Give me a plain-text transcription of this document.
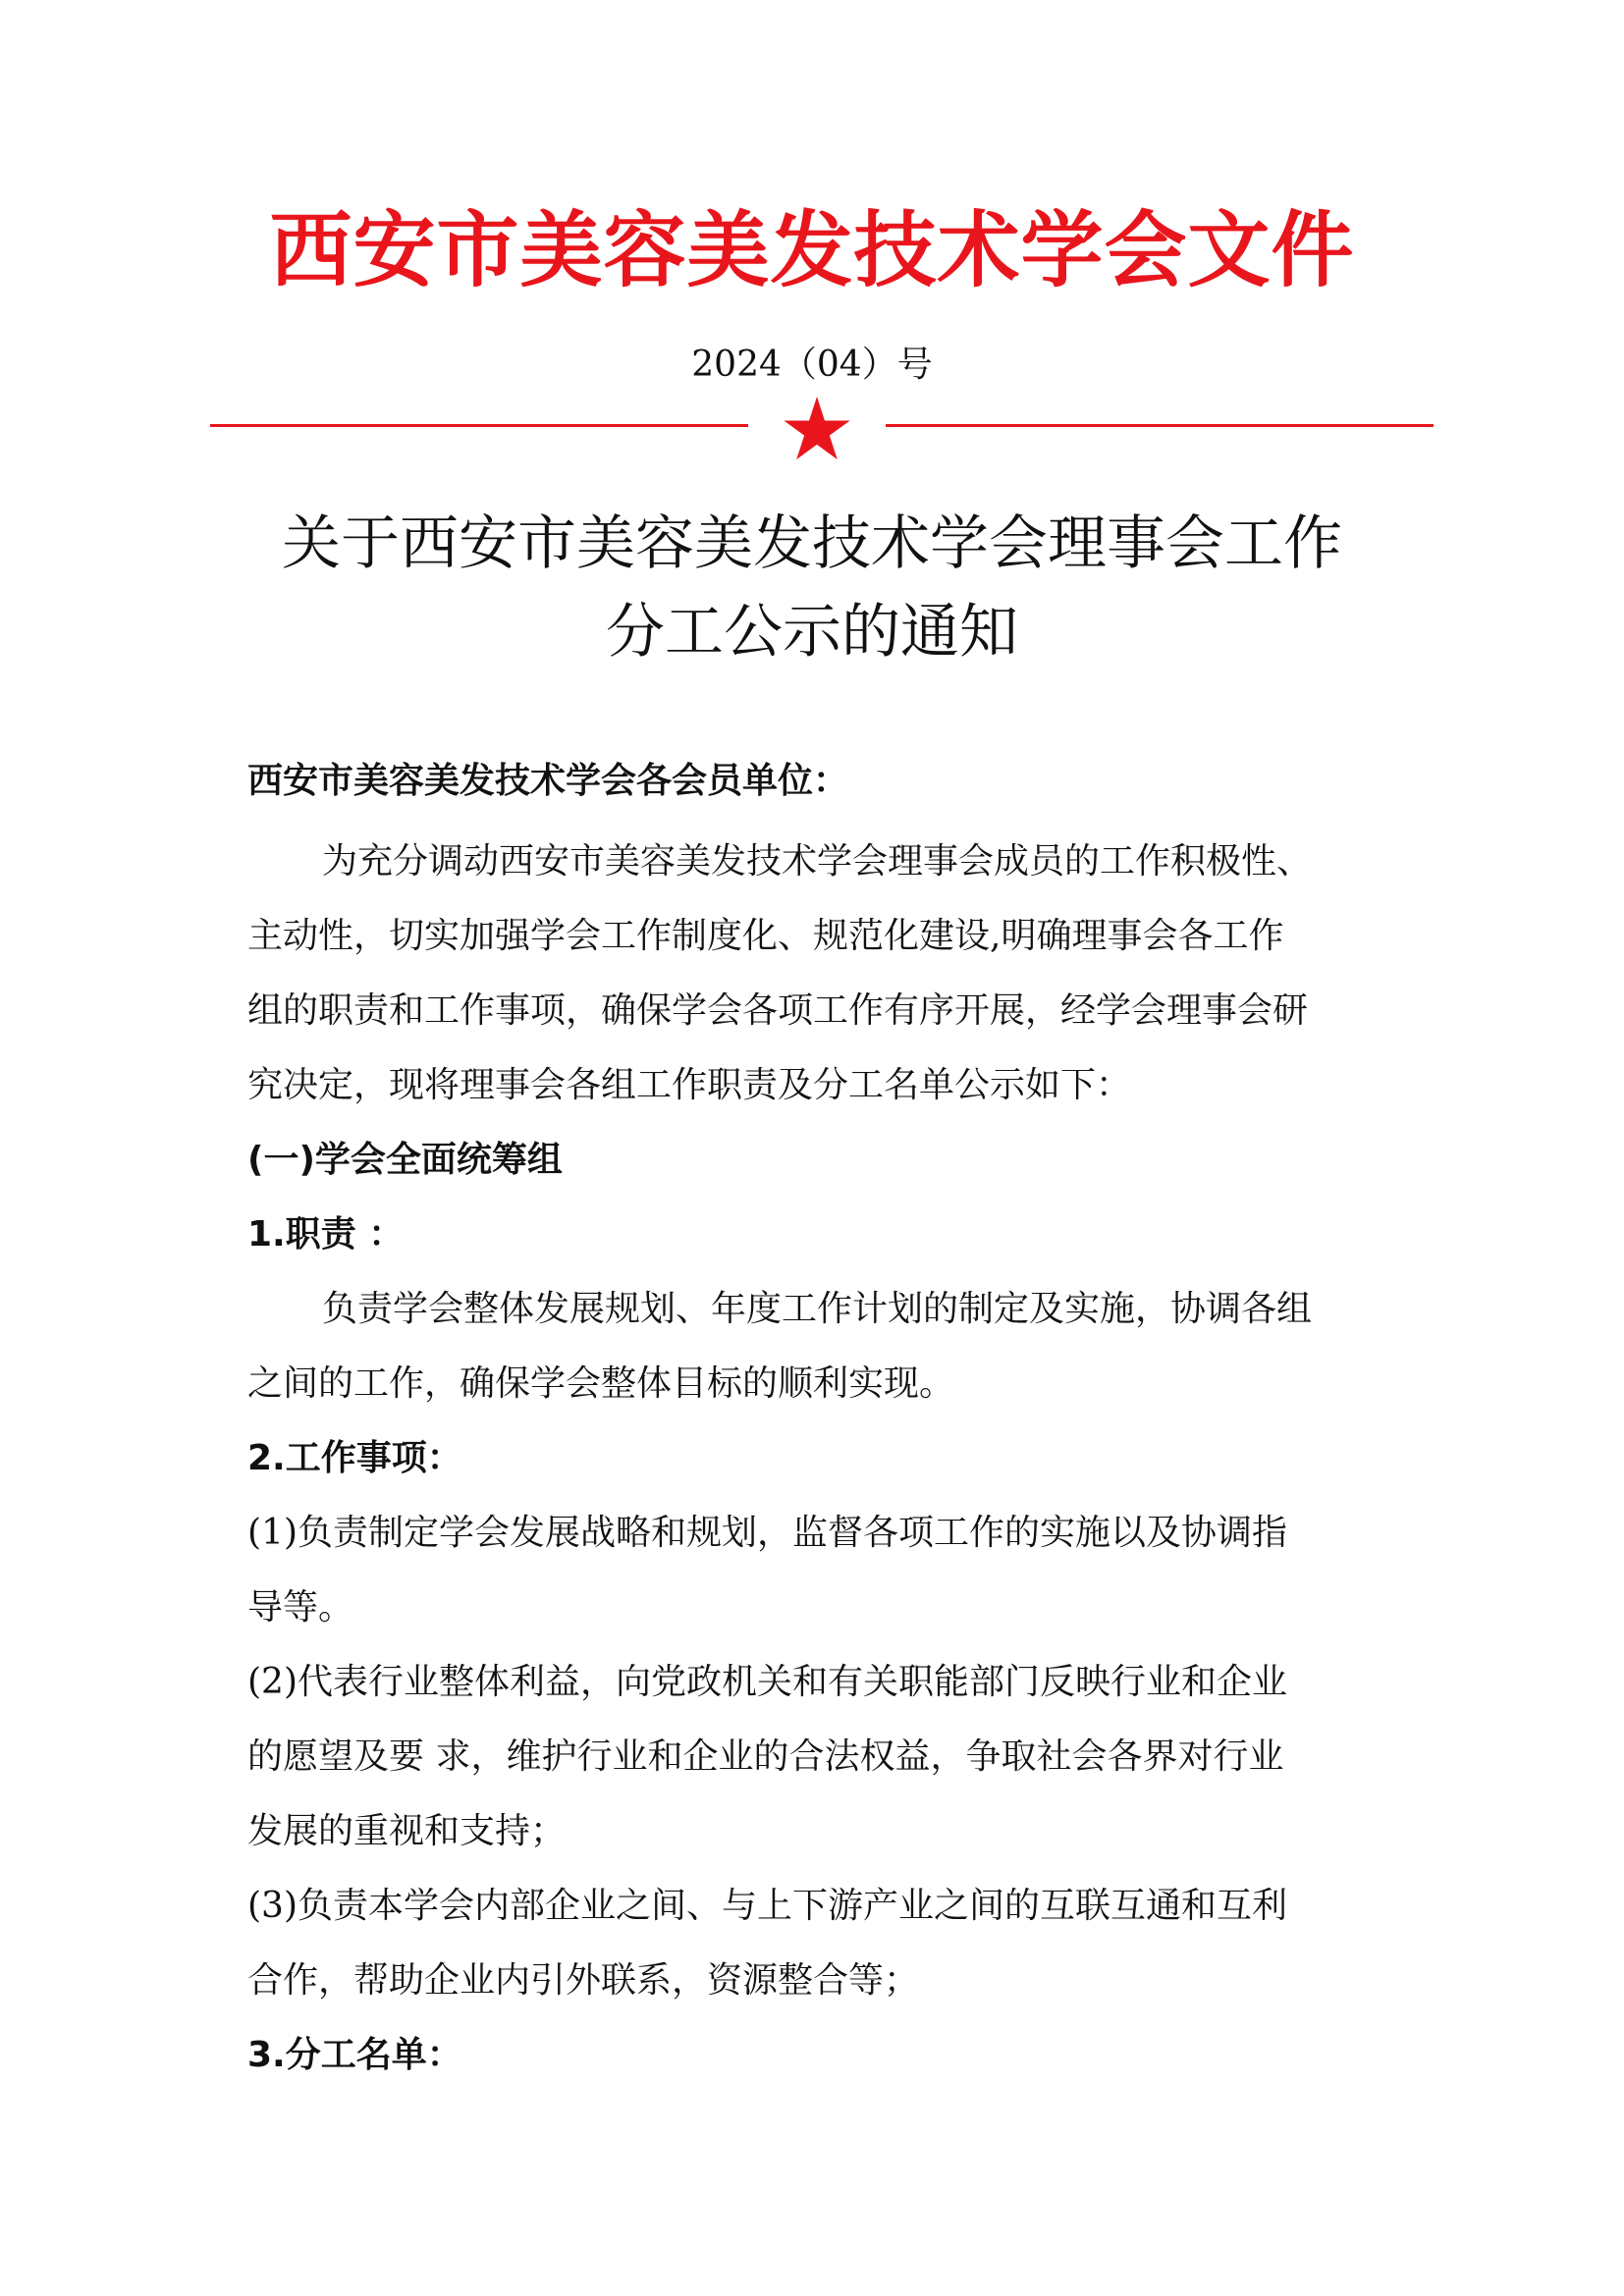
西安市美容美发技术学会文件
2024（04）号
关于西安市美容美发技术学会理事会工作
分工公示的通知
西安市美容美发技术学会各会员单位：
为充分调动西安市美容美发技术学会理事会成员的工作积极性、
主动性，切实加强学会工作制度化、规范化建设,明确理事会各工作
组的职责和工作事项，确保学会各项工作有序开展，经学会理事会研
究决定，现将理事会各组工作职责及分工名单公示如下：
(一)学会全面统筹组
1.职责 ：
负责学会整体发展规划、年度工作计划的制定及实施，协调各组
之间的工作，确保学会整体目标的顺利实现。
2.工作事项：
(1)负责制定学会发展战略和规划，监督各项工作的实施以及协调指
导等。
(2)代表行业整体利益，向党政机关和有关职能部门反映行业和企业
的愿望及要 求，维护行业和企业的合法权益，争取社会各界对行业
发展的重视和支持；
(3)负责本学会内部企业之间、与上下游产业之间的互联互通和互利
合作，帮助企业内引外联系，资源整合等；
3.分工名单：
